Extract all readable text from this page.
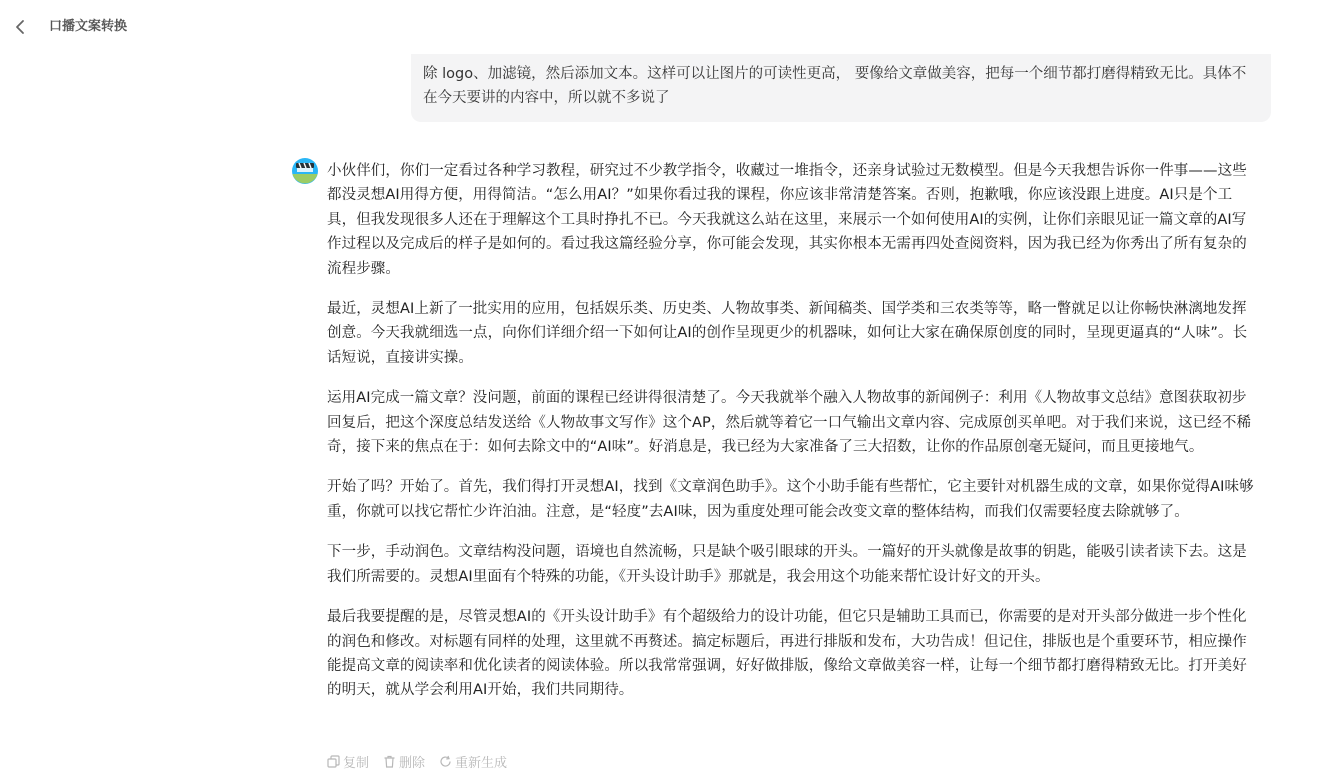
口播文案转换

除 logo、加滤镜，然后添加文本。这样可以让图片的可读性更高， 要像给文章做美容，把每一个细节都打磨得精致无比。具体不在今天要讲的内容中，所以就不多说了

小伙伴们，你们一定看过各种学习教程，研究过不少教学指令，收藏过一堆指令，还亲身试验过无数模型。但是今天我想告诉你一件事——这些都没灵想AI用得方便，用得简洁。“怎么用AI？”如果你看过我的课程，你应该非常清楚答案。否则，抱歉哦，你应该没跟上进度。AI只是个工具，但我发现很多人还在于理解这个工具时挣扎不已。今天我就这么站在这里，来展示一个如何使用AI的实例，让你们亲眼见证一篇文章的AI写作过程以及完成后的样子是如何的。看过我这篇经验分享，你可能会发现，其实你根本无需再四处查阅资料，因为我已经为你秀出了所有复杂的流程步骤。

最近，灵想AI上新了一批实用的应用，包括娱乐类、历史类、人物故事类、新闻稿类、国学类和三农类等等，略一瞥就足以让你畅快淋漓地发挥创意。今天我就细选一点，向你们详细介绍一下如何让AI的创作呈现更少的机器味，如何让大家在确保原创度的同时，呈现更逼真的“人味”。长话短说，直接讲实操。

运用AI完成一篇文章？没问题，前面的课程已经讲得很清楚了。今天我就举个融入人物故事的新闻例子：利用《人物故事文总结》意图获取初步回复后，把这个深度总结发送给《人物故事文写作》这个AP，然后就等着它一口气输出文章内容、完成原创买单吧。对于我们来说，这已经不稀奇，接下来的焦点在于：如何去除文中的“AI味”。好消息是，我已经为大家准备了三大招数，让你的作品原创毫无疑问，而且更接地气。

开始了吗？开始了。首先，我们得打开灵想AI，找到《文章润色助手》。这个小助手能有些帮忙，它主要针对机器生成的文章，如果你觉得AI味够重，你就可以找它帮忙少许泊油。注意，是“轻度”去AI味，因为重度处理可能会改变文章的整体结构，而我们仅需要轻度去除就够了。

下一步，手动润色。文章结构没问题，语境也自然流畅，只是缺个吸引眼球的开头。一篇好的开头就像是故事的钥匙，能吸引读者读下去。这是我们所需要的。灵想AI里面有个特殊的功能，《开头设计助手》那就是，我会用这个功能来帮忙设计好文的开头。

最后我要提醒的是，尽管灵想AI的《开头设计助手》有个超级给力的设计功能，但它只是辅助工具而已，你需要的是对开头部分做进一步个性化的润色和修改。对标题有同样的处理，这里就不再赘述。搞定标题后，再进行排版和发布，大功告成！但记住，排版也是个重要环节，相应操作能提高文章的阅读率和优化读者的阅读体验。所以我常常强调，好好做排版，像给文章做美容一样，让每一个细节都打磨得精致无比。打开美好的明天，就从学会利用AI开始，我们共同期待。

复制 删除 重新生成
